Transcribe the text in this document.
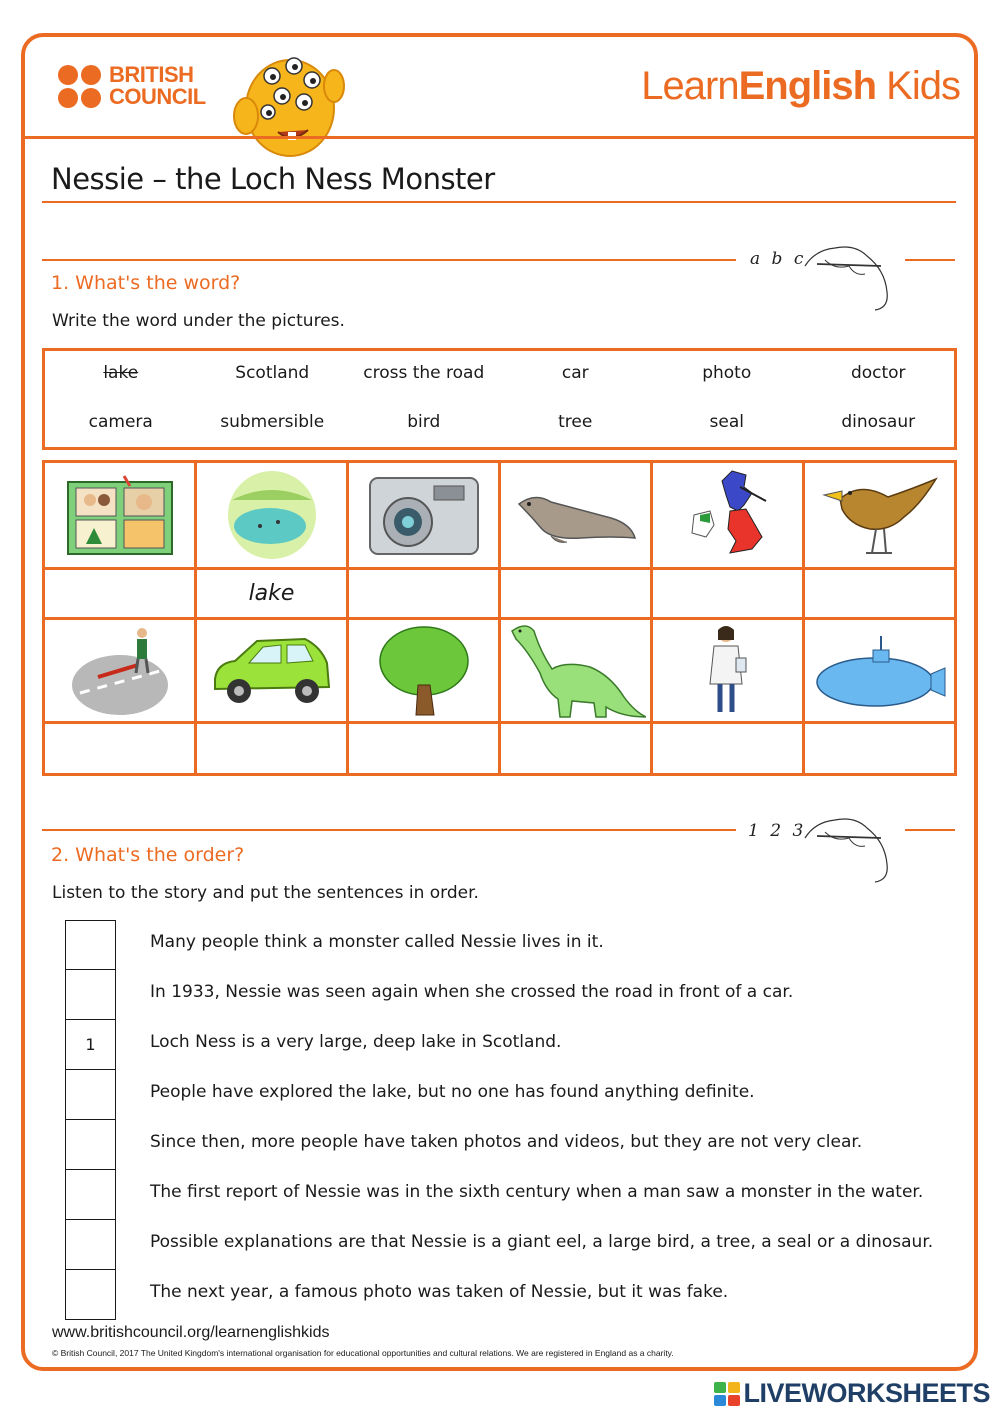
BRITISH
COUNCIL	LearnEnglish Kids
Nessie – the Loch Ness Monster
a b c
1. What's the word?
Write the word under the pictures.
lake	Scotland	cross the road	car	photo	doctor
camera	submersible	bird	tree	seal	dinosaur
lake
1 2 3
2. What's the order?
Listen to the story and put the sentences in order.
Many people think a monster called Nessie lives in it.
In 1933, Nessie was seen again when she crossed the road in front of a car.
1	Loch Ness is a very large, deep lake in Scotland.
People have explored the lake, but no one has found anything definite.
Since then, more people have taken photos and videos, but they are not very clear.
The first report of Nessie was in the sixth century when a man saw a monster in the water.
Possible explanations are that Nessie is a giant eel, a large bird, a tree, a seal or a dinosaur.
The next year, a famous photo was taken of Nessie, but it was fake.
www.britishcouncil.org/learnenglishkids
© British Council, 2017 The United Kingdom's international organisation for educational opportunities and cultural relations. We are registered in England as a charity.
LIVEWORKSHEETS
